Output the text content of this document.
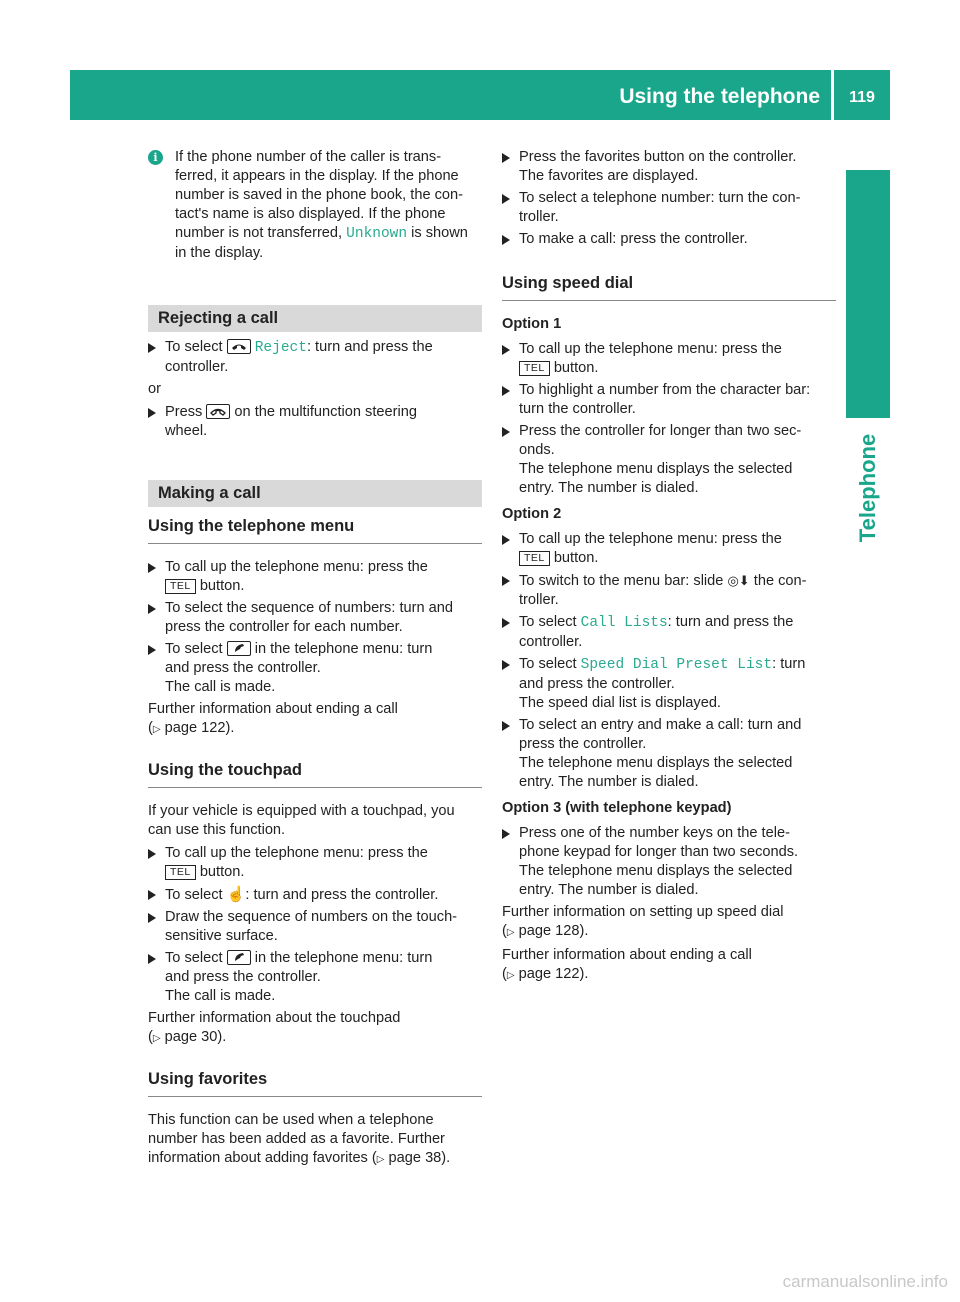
Using the telephone	119
Telephone
i	If the phone number of the caller is trans-
ferred, it appears in the display. If the phone
number is saved in the phone book, the con-
tact's name is also displayed. If the phone
number is not transferred, Unknown is shown
in the display.
Rejecting a call
To select
Reject: turn and press the
controller.

or

Press
on the multifunction steering
wheel.
Making a call
Using the telephone menu
To call up the telephone menu: press the
TEL button.
To select the sequence of numbers: turn and
press the controller for each number.
To select
in the telephone menu: turn
and press the controller.
The call is made.

Further information about ending a call

(▷ page 122).

Using the touchpad

If your vehicle is equipped with a touchpad, you
can use this function.

To call up the telephone menu: press the
TEL button.
To select ☝: turn and press the controller.
Draw the sequence of numbers on the touch-
sensitive surface.
To select
in the telephone menu: turn
and press the controller.
The call is made.

Further information about the touchpad

(▷ page 30).

Using favorites

This function can be used when a telephone
number has been added as a favorite. Further
information about adding favorites (▷ page 38).

Press the favorites button on the controller.
The favorites are displayed.
To select a telephone number: turn the con-
troller.
To make a call: press the controller.
Using speed dial

Option 1

To call up the telephone menu: press the
TEL button.
To highlight a number from the character bar:
turn the controller.
Press the controller for longer than two sec-
onds.
The telephone menu displays the selected
entry. The number is dialed.

Option 2

To call up the telephone menu: press the
TEL button.
To switch to the menu bar: slide ◎⬇ the con-
troller.
To select Call Lists: turn and press the
controller.
To select Speed Dial Preset List: turn
and press the controller.
The speed dial list is displayed.
To select an entry and make a call: turn and
press the controller.
The telephone menu displays the selected
entry. The number is dialed.

Option 3 (with telephone keypad)

Press one of the number keys on the tele-
phone keypad for longer than two seconds.
The telephone menu displays the selected
entry. The number is dialed.

Further information on setting up speed dial

(▷ page 128).

Further information about ending a call

(▷ page 122).

carmanualsonline.info
